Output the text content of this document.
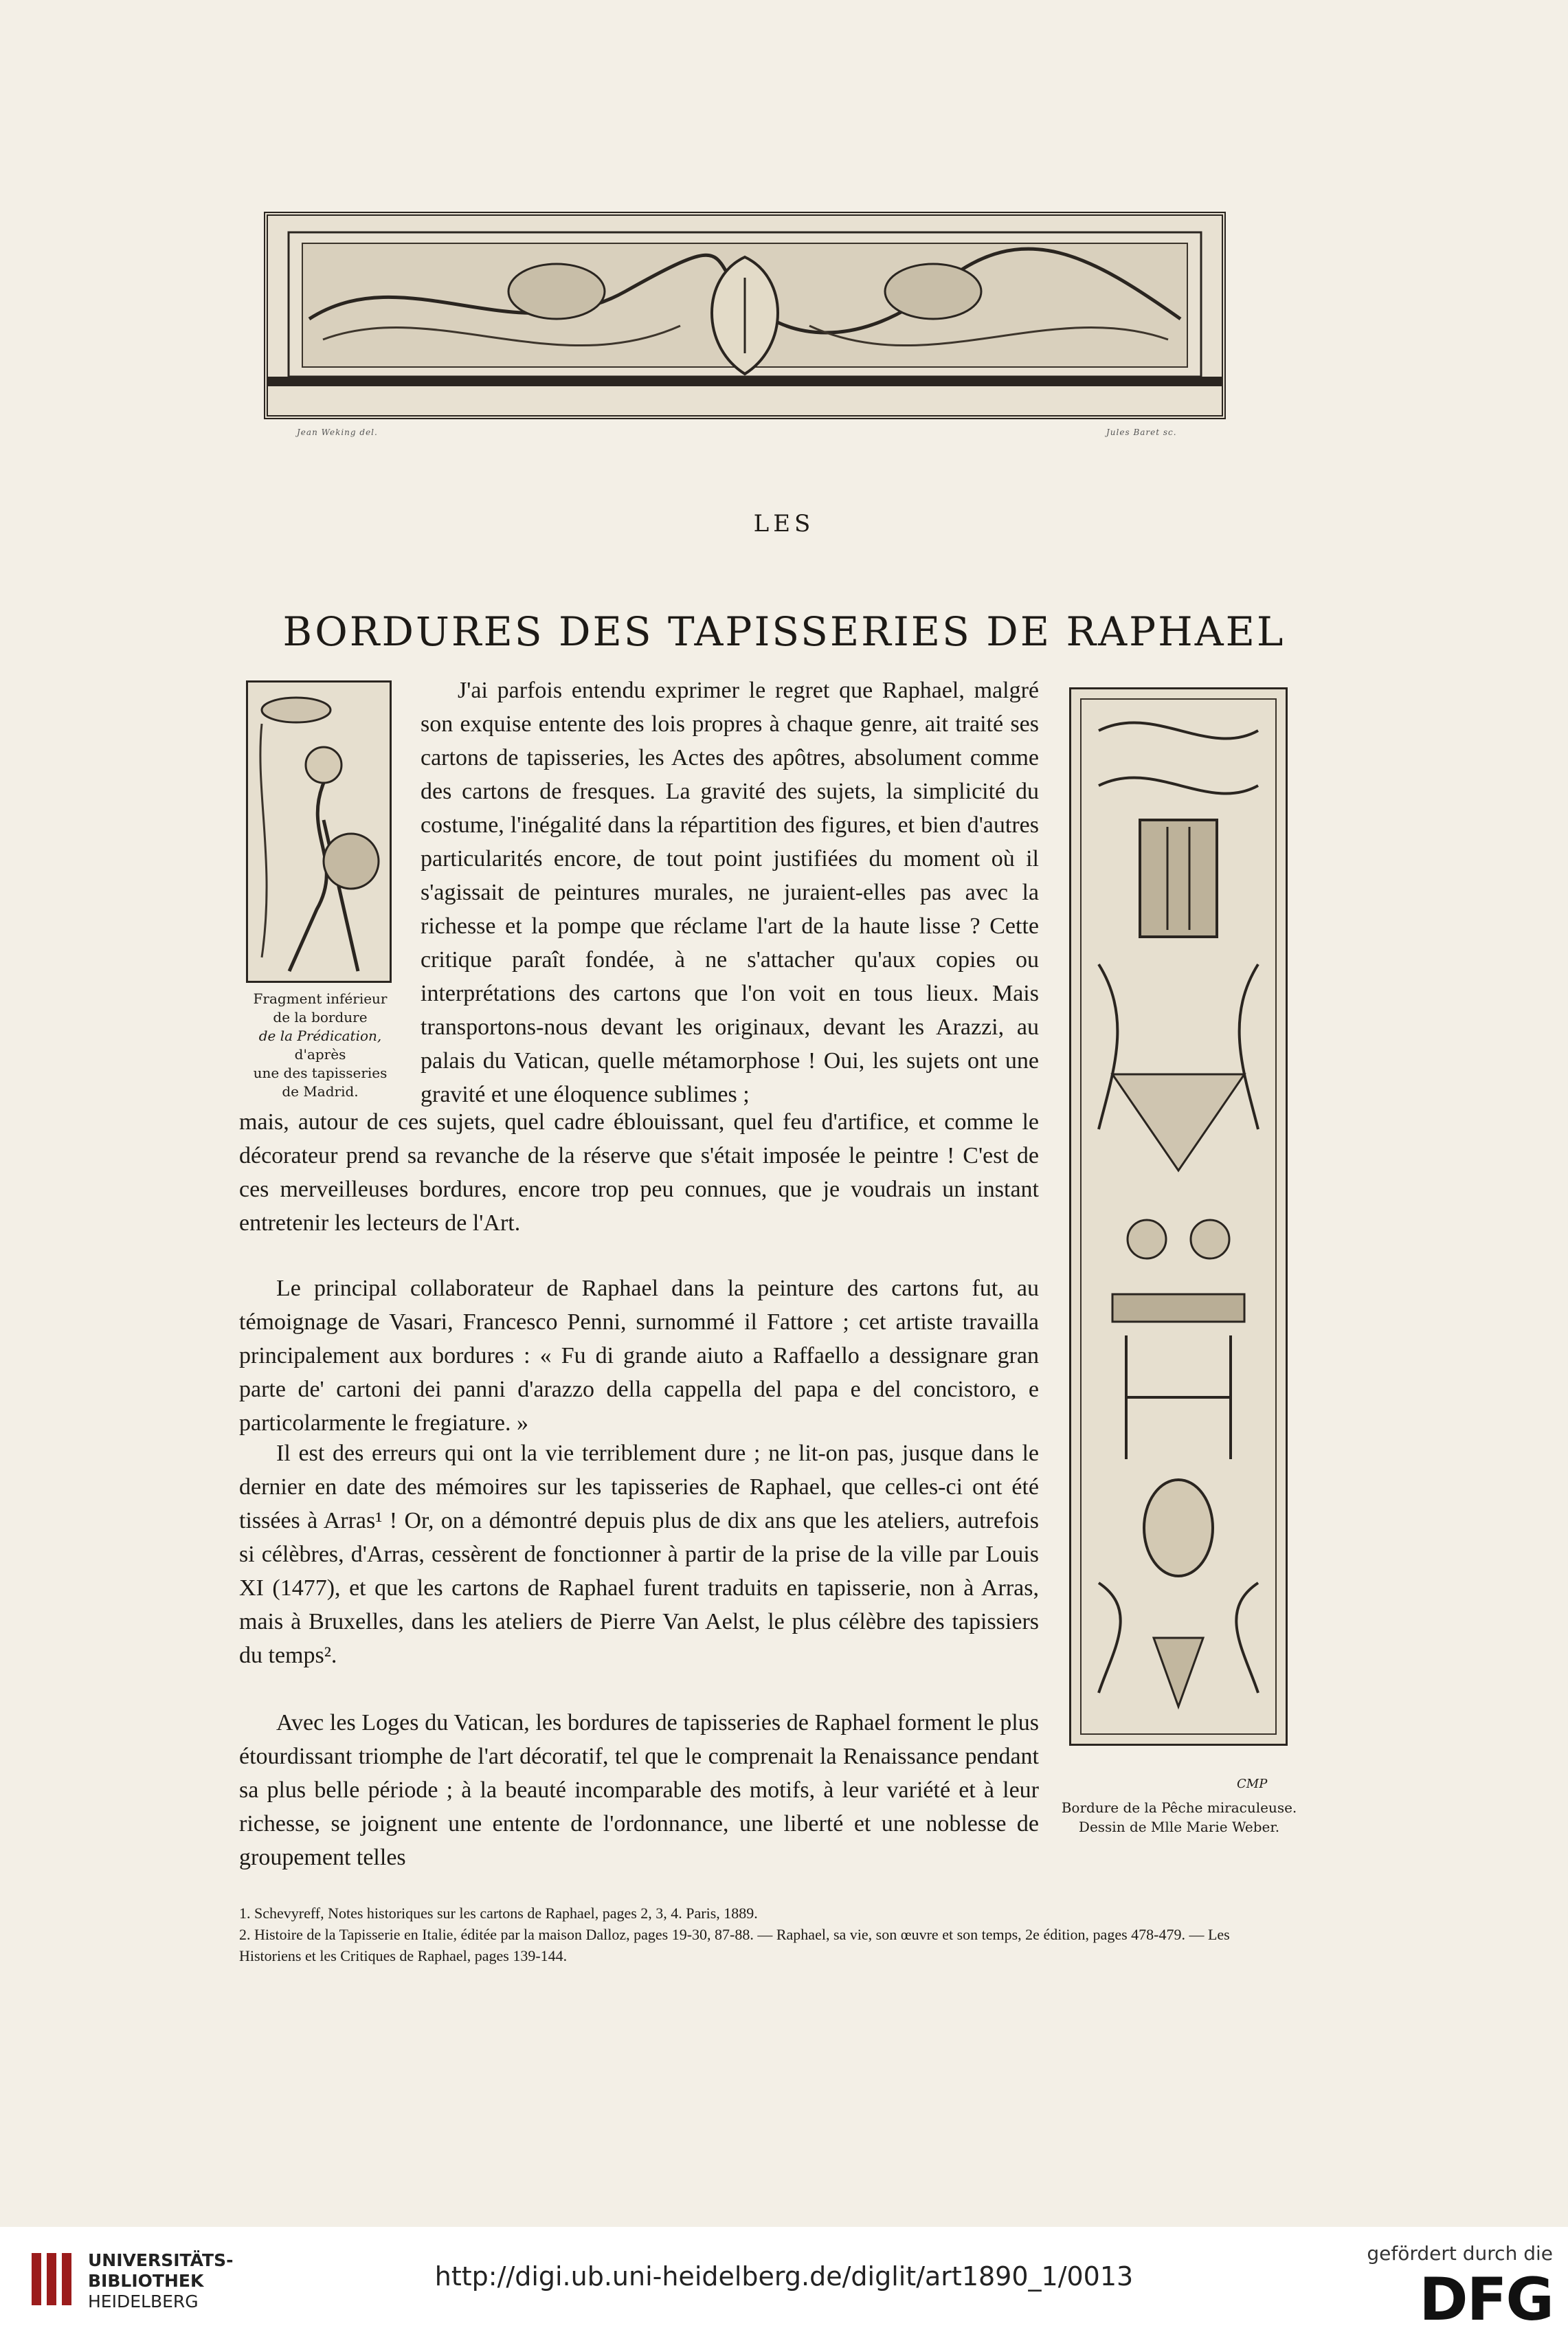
Jean Weking del.	Jules Baret sc.
LES
BORDURES DES TAPISSERIES DE RAPHAEL
Fragment inférieur
de la bordure
de la Prédication,
d'après
une des tapisseries
de Madrid.
CMP
Bordure de la Pêche miraculeuse.
Dessin de Mlle Marie Weber.

J'ai parfois entendu exprimer le regret que Raphael, malgré son exquise entente des lois propres à chaque genre, ait traité ses cartons de tapisseries, les Actes des apôtres, absolument comme des cartons de fresques. La gravité des sujets, la simplicité du costume, l'inégalité dans la répartition des figures, et bien d'autres particularités encore, de tout point justifiées du moment où il s'agissait de peintures murales, ne juraient-elles pas avec la richesse et la pompe que réclame l'art de la haute lisse ? Cette critique paraît fondée, à ne s'attacher qu'aux copies ou interprétations des cartons que l'on voit en tous lieux. Mais transportons-nous devant les originaux, devant les Arazzi, au palais du Vatican, quelle métamorphose ! Oui, les sujets ont une gravité et une éloquence sublimes ;

mais, autour de ces sujets, quel cadre éblouissant, quel feu d'artifice, et comme le décorateur prend sa revanche de la réserve que s'était imposée le peintre ! C'est de ces merveilleuses bordures, encore trop peu connues, que je voudrais un instant entretenir les lecteurs de l'Art.

Le principal collaborateur de Raphael dans la peinture des cartons fut, au témoignage de Vasari, Francesco Penni, surnommé il Fattore ; cet artiste travailla principalement aux bordures : « Fu di grande aiuto a Raffaello a dessignare gran parte de' cartoni dei panni d'arazzo della cappella del papa e del concistoro, e particolarmente le fregiature. »

Il est des erreurs qui ont la vie terriblement dure ; ne lit-on pas, jusque dans le dernier en date des mémoires sur les tapisseries de Raphael, que celles-ci ont été tissées à Arras¹ ! Or, on a démontré depuis plus de dix ans que les ateliers, autrefois si célèbres, d'Arras, cessèrent de fonctionner à partir de la prise de la ville par Louis XI (1477), et que les cartons de Raphael furent traduits en tapisserie, non à Arras, mais à Bruxelles, dans les ateliers de Pierre Van Aelst, le plus célèbre des tapissiers du temps².

Avec les Loges du Vatican, les bordures de tapisseries de Raphael forment le plus étourdissant triomphe de l'art décoratif, tel que le comprenait la Renaissance pendant sa plus belle période ; à la beauté incomparable des motifs, à leur variété et à leur richesse, se joignent une entente de l'ordonnance, une liberté et une noblesse de groupement telles

1. Schevyreff, Notes historiques sur les cartons de Raphael, pages 2, 3, 4. Paris, 1889.

2. Histoire de la Tapisserie en Italie, éditée par la maison Dalloz, pages 19-30, 87-88. — Raphael, sa vie, son œuvre et son temps, 2e édition, pages 478-479. — Les Historiens et les Critiques de Raphael, pages 139-144.

UNIVERSITÄTS-
BIBLIOTHEK
HEIDELBERG
http://digi.ub.uni-heidelberg.de/diglit/art1890_1/0013
gefördert durch die
DFG
